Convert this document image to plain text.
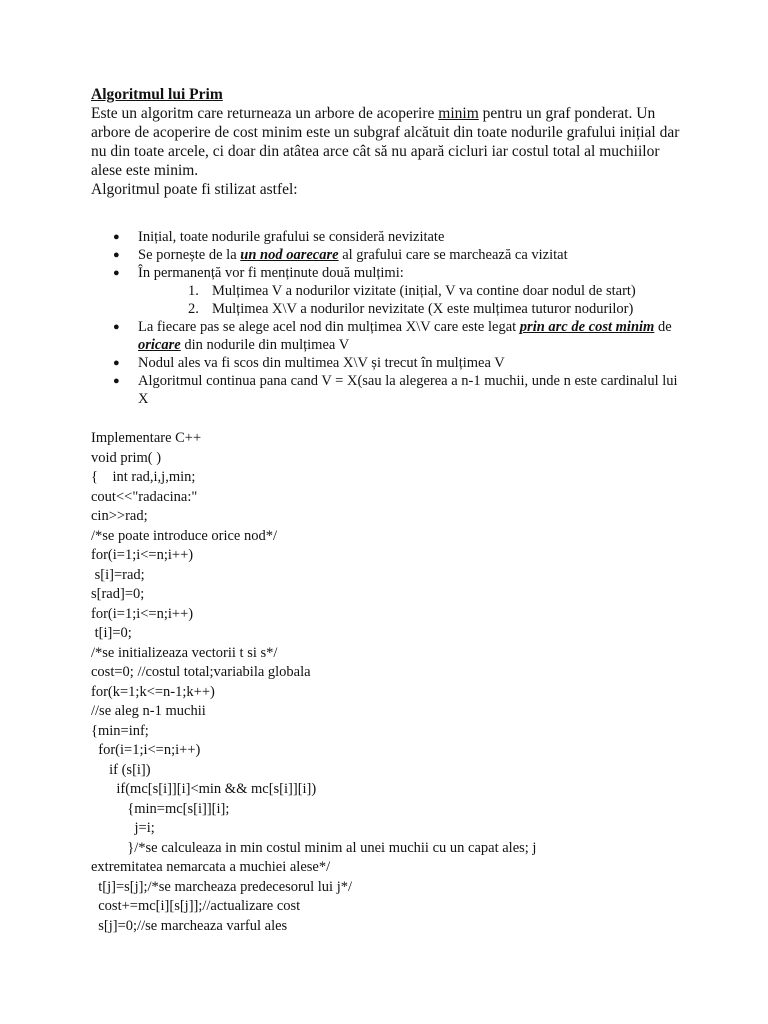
Algoritmul lui Prim
Este un algoritm care returneaza un arbore de acoperire minim pentru un graf ponderat. Un arbore de acoperire de cost minim este un subgraf alcătuit din toate nodurile grafului inițial dar nu din toate arcele, ci doar din atâtea arce cât să nu apară cicluri iar costul total al muchiilor alese este minim.
Algoritmul poate fi stilizat astfel:
● Inițial, toate nodurile grafului se consideră nevizitate
● Se pornește de la un nod oarecare al grafului care se marchează ca vizitat
● În permanență vor fi menținute două mulțimi:
1. Mulțimea V a nodurilor vizitate (inițial, V va contine doar nodul de start)
2. Mulțimea X\V a nodurilor nevizitate (X este mulțimea tuturor nodurilor)
● La fiecare pas se alege acel nod din mulțimea X\V care este legat prin arc de cost minim de oricare din nodurile din mulțimea V
● Nodul ales va fi scos din multimea X\V și trecut în mulțimea V
● Algoritmul continua pana cand V = X(sau la alegerea a n-1 muchii, unde n este cardinalul lui X
Implementare C++
void prim( )
{    int rad,i,j,min;
cout<<"radacina:"
cin>>rad;
/*se poate introduce orice nod*/
for(i=1;i<=n;i++)
s[i]=rad;
s[rad]=0;
for(i=1;i<=n;i++)
t[i]=0;
/*se initializeaza vectorii t si s*/
cost=0; //costul total;variabila globala
for(k=1;k<=n-1;k++)
//se aleg n-1 muchii
{min=inf;
for(i=1;i<=n;i++)
if (s[i])
if(mc[s[i]][i]<min && mc[s[i]][i])
{min=mc[s[i]][i];
j=i;
}/*se calculeaza in min costul minim al unei muchii cu un capat ales; j
extremitatea nemarcata a muchiei alese*/
t[j]=s[j];/*se marcheaza predecesorul lui j*/
cost+=mc[i][s[j]];//actualizare cost
s[j]=0;//se marcheaza varful ales
